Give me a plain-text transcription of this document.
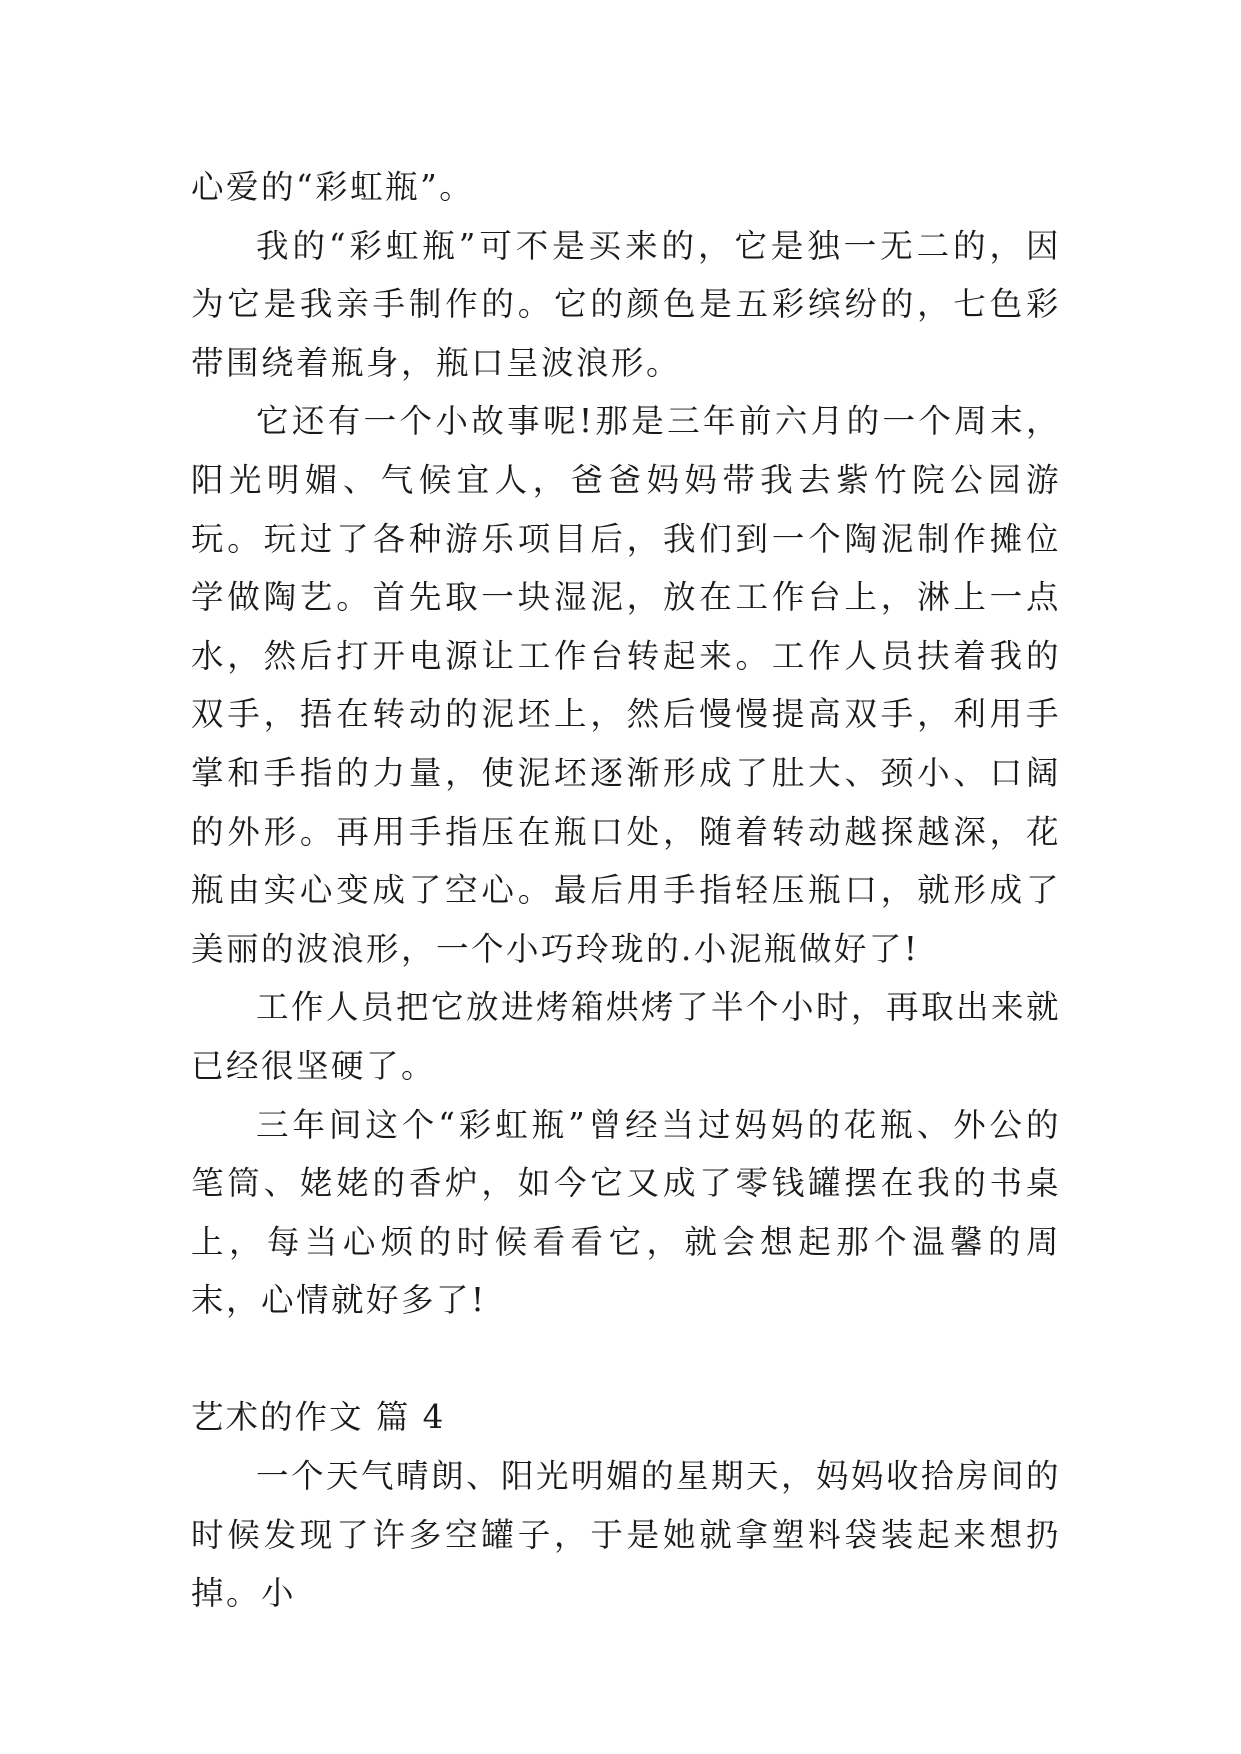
心爱的“彩虹瓶”。

我的“彩虹瓶”可不是买来的，它是独一无二的，因为它是我亲手制作的。它的颜色是五彩缤纷的，七色彩带围绕着瓶身，瓶口呈波浪形。

它还有一个小故事呢!那是三年前六月的一个周末，阳光明媚、气候宜人，爸爸妈妈带我去紫竹院公园游玩。玩过了各种游乐项目后，我们到一个陶泥制作摊位学做陶艺。首先取一块湿泥，放在工作台上，淋上一点水，然后打开电源让工作台转起来。工作人员扶着我的双手，捂在转动的泥坯上，然后慢慢提高双手，利用手掌和手指的力量，使泥坯逐渐形成了肚大、颈小、口阔的外形。再用手指压在瓶口处，随着转动越探越深，花瓶由实心变成了空心。最后用手指轻压瓶口，就形成了美丽的波浪形，一个小巧玲珑的.小泥瓶做好了!

工作人员把它放进烤箱烘烤了半个小时，再取出来就已经很坚硬了。

三年间这个“彩虹瓶”曾经当过妈妈的花瓶、外公的笔筒、姥姥的香炉，如今它又成了零钱罐摆在我的书桌上，每当心烦的时候看看它，就会想起那个温馨的周末，心情就好多了!

艺术的作文 篇 4

一个天气晴朗、阳光明媚的星期天，妈妈收拾房间的时候发现了许多空罐子，于是她就拿塑料袋装起来想扔掉。小
